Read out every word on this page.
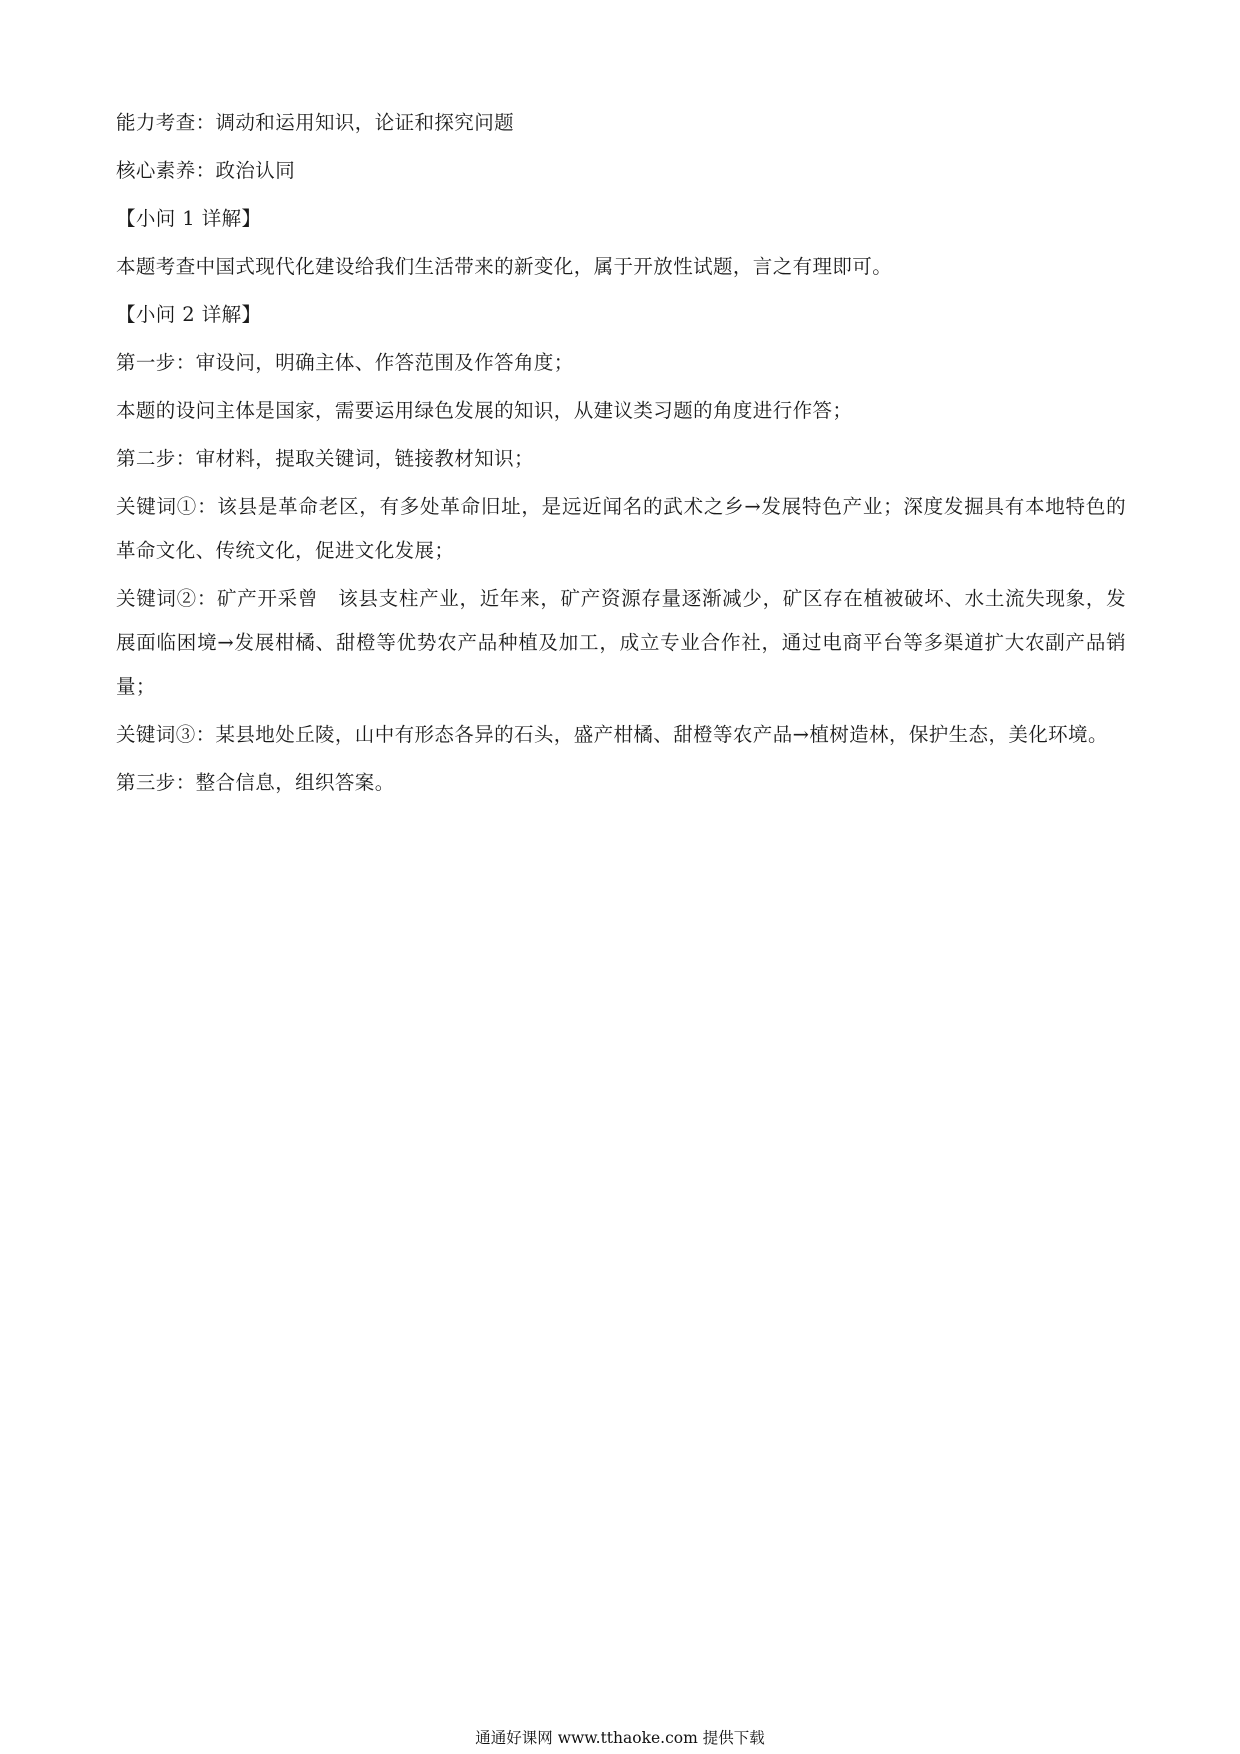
能力考查：调动和运用知识，论证和探究问题

核心素养：政治认同

【小问 1 详解】

本题考查中国式现代化建设给我们生活带来的新变化，属于开放性试题，言之有理即可。

【小问 2 详解】

第一步：审设问，明确主体、作答范围及作答角度；

本题的设问主体是国家，需要运用绿色发展的知识，从建议类习题的角度进行作答；

第二步：审材料，提取关键词，链接教材知识；

关键词①：该县是革命老区，有多处革命旧址，是远近闻名的武术之乡→发展特色产业；深度发掘具有本地特色的革命文化、传统文化，促进文化发展；

关键词②：矿产开采曾　该县支柱产业，近年来，矿产资源存量逐渐减少，矿区存在植被破坏、水土流失现象，发展面临困境→发展柑橘、甜橙等优势农产品种植及加工，成立专业合作社，通过电商平台等多渠道扩大农副产品销量；

关键词③：某县地处丘陵，山中有形态各异的石头，盛产柑橘、甜橙等农产品→植树造林，保护生态，美化环境。

第三步：整合信息，组织答案。

通通好课网 www.tthaoke.com 提供下载
